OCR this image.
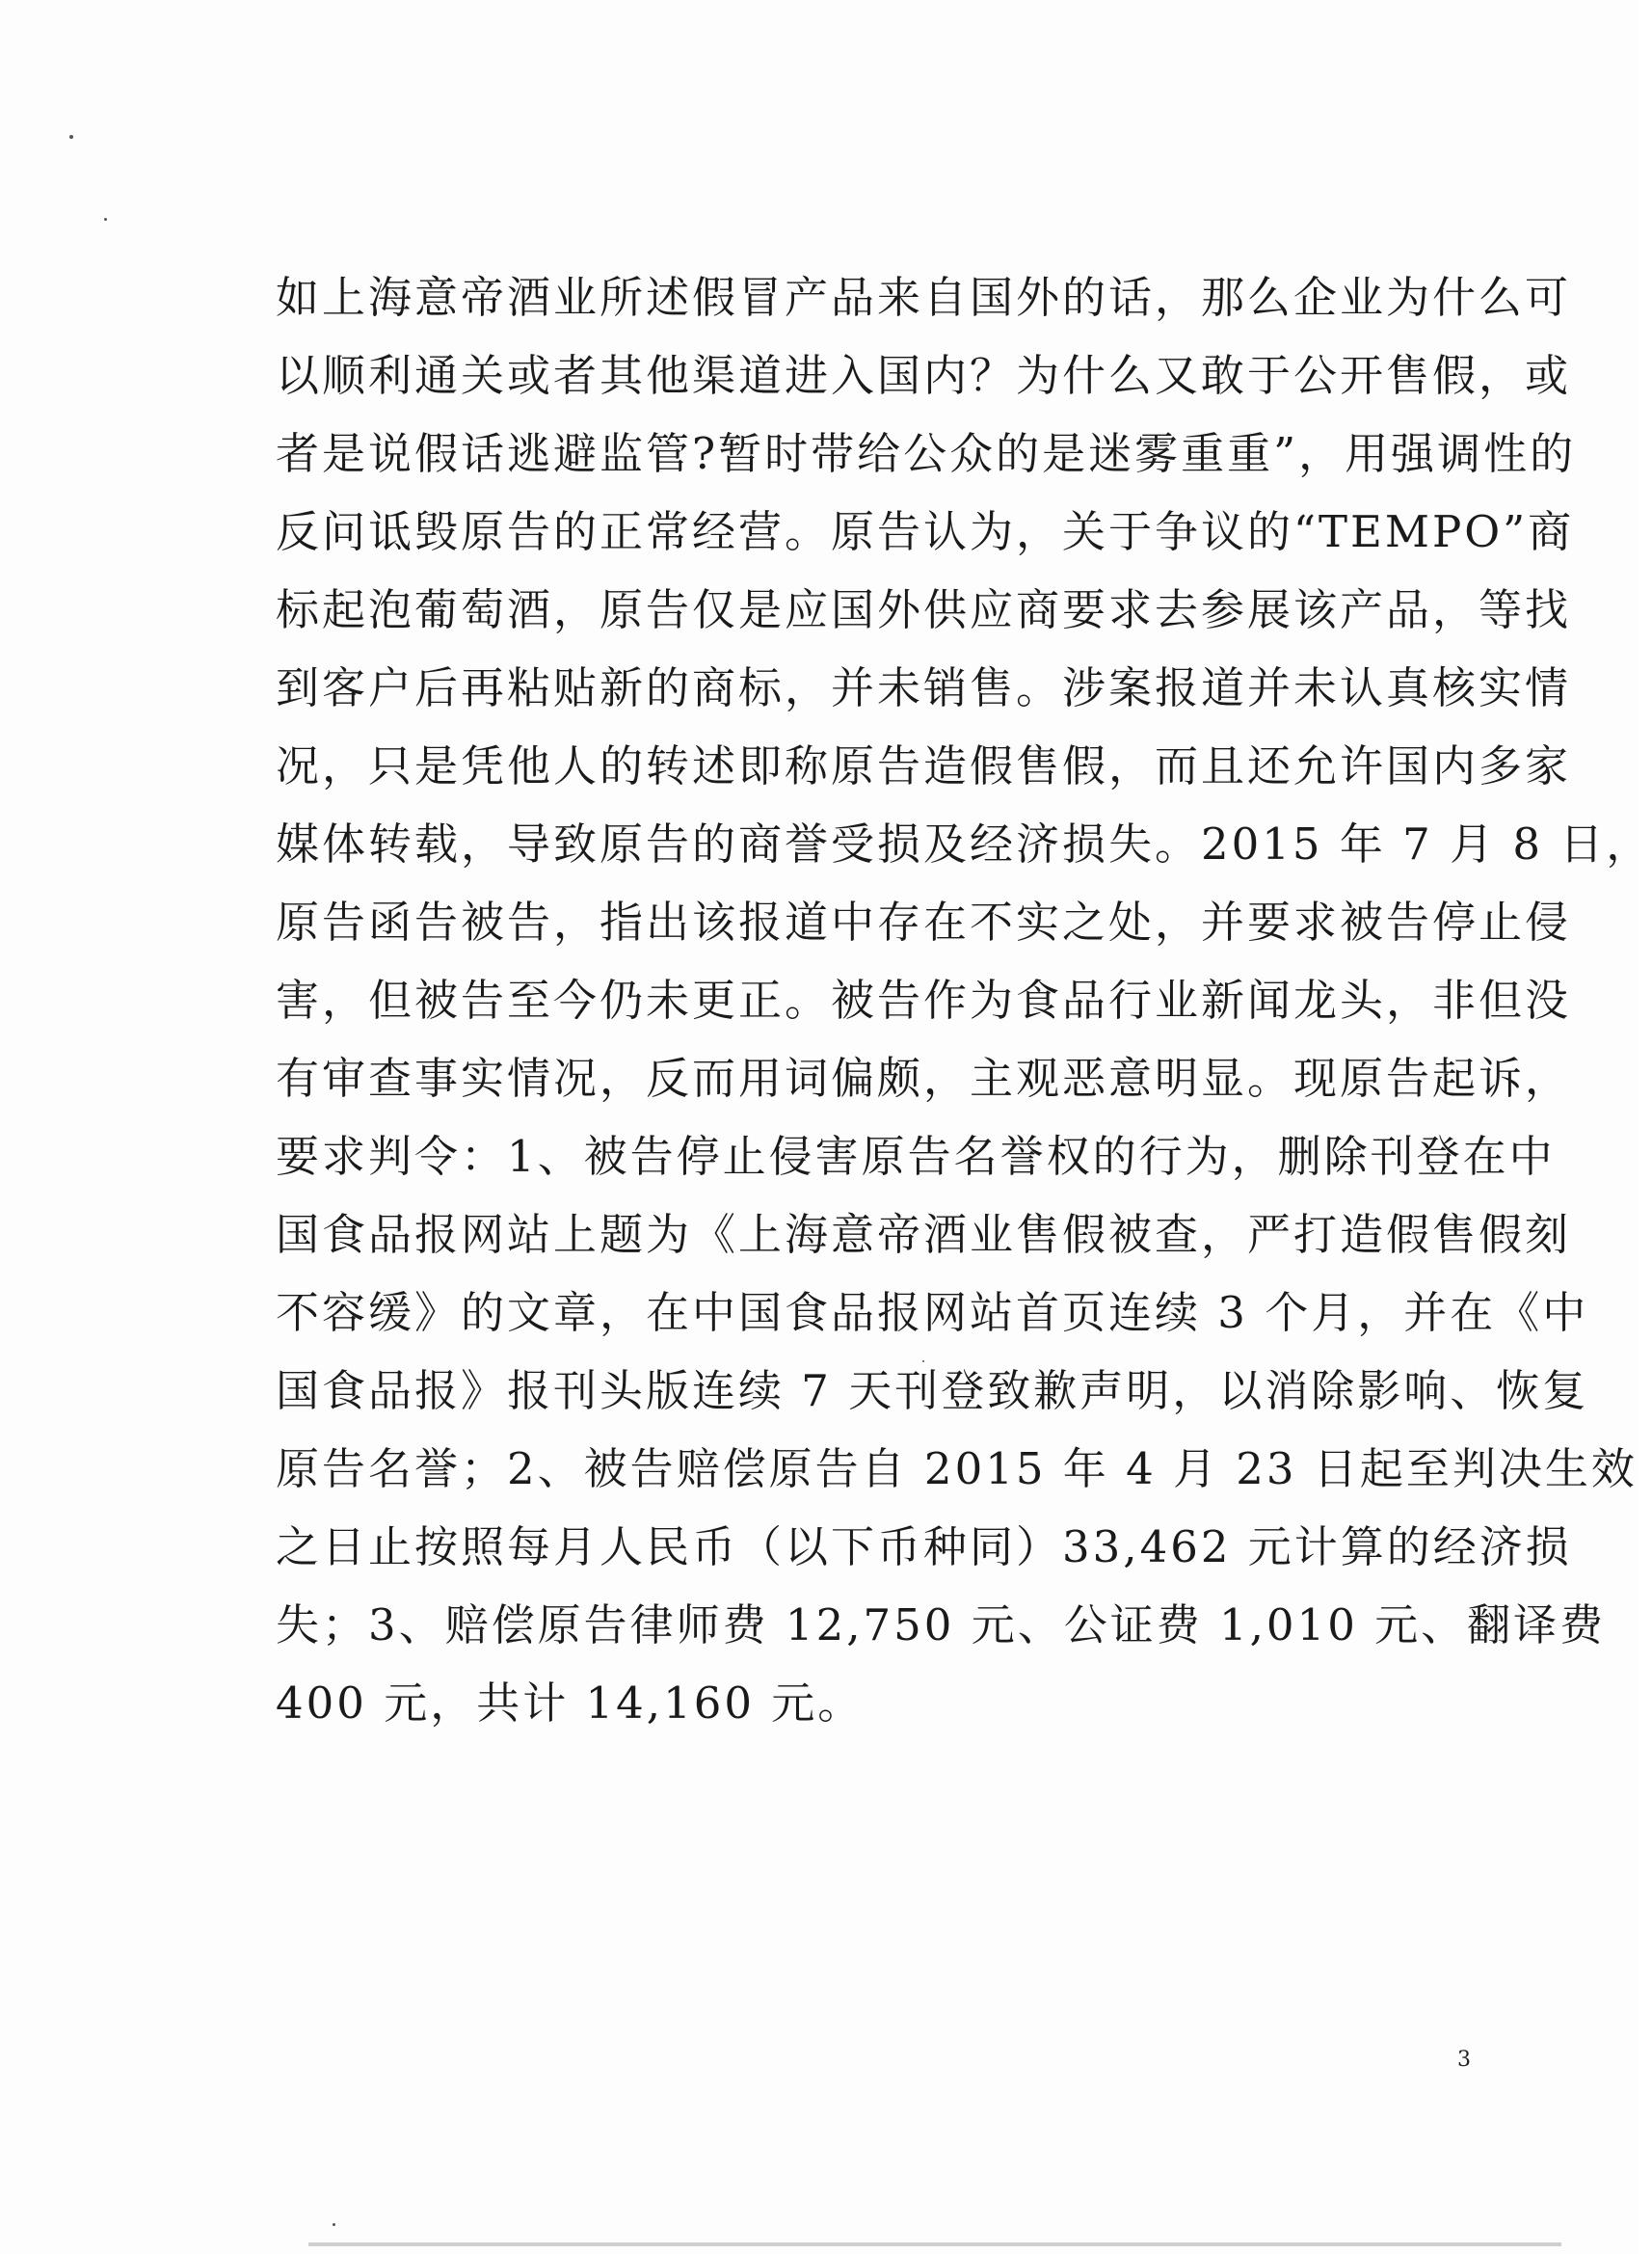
如上海意帝酒业所述假冒产品来自国外的话，那么企业为什么可
以顺利通关或者其他渠道进入国内？为什么又敢于公开售假，或
者是说假话逃避监管?暂时带给公众的是迷雾重重”，用强调性的
反问诋毁原告的正常经营。原告认为，关于争议的“TEMPO”商
标起泡葡萄酒，原告仅是应国外供应商要求去参展该产品，等找
到客户后再粘贴新的商标，并未销售。涉案报道并未认真核实情
况，只是凭他人的转述即称原告造假售假，而且还允许国内多家
媒体转载，导致原告的商誉受损及经济损失。2015 年 7 月 8 日，
原告函告被告，指出该报道中存在不实之处，并要求被告停止侵
害，但被告至今仍未更正。被告作为食品行业新闻龙头，非但没
有审查事实情况，反而用词偏颇，主观恶意明显。现原告起诉，
要求判令：1、被告停止侵害原告名誉权的行为，删除刊登在中
国食品报网站上题为《上海意帝酒业售假被查，严打造假售假刻
不容缓》的文章，在中国食品报网站首页连续 3 个月，并在《中
国食品报》报刊头版连续 7 天刊登致歉声明，以消除影响、恢复
原告名誉；2、被告赔偿原告自 2015 年 4 月 23 日起至判决生效
之日止按照每月人民币（以下币种同）33,462 元计算的经济损
失；3、赔偿原告律师费 12,750 元、公证费 1,010 元、翻译费
400 元，共计 14,160 元。
3
